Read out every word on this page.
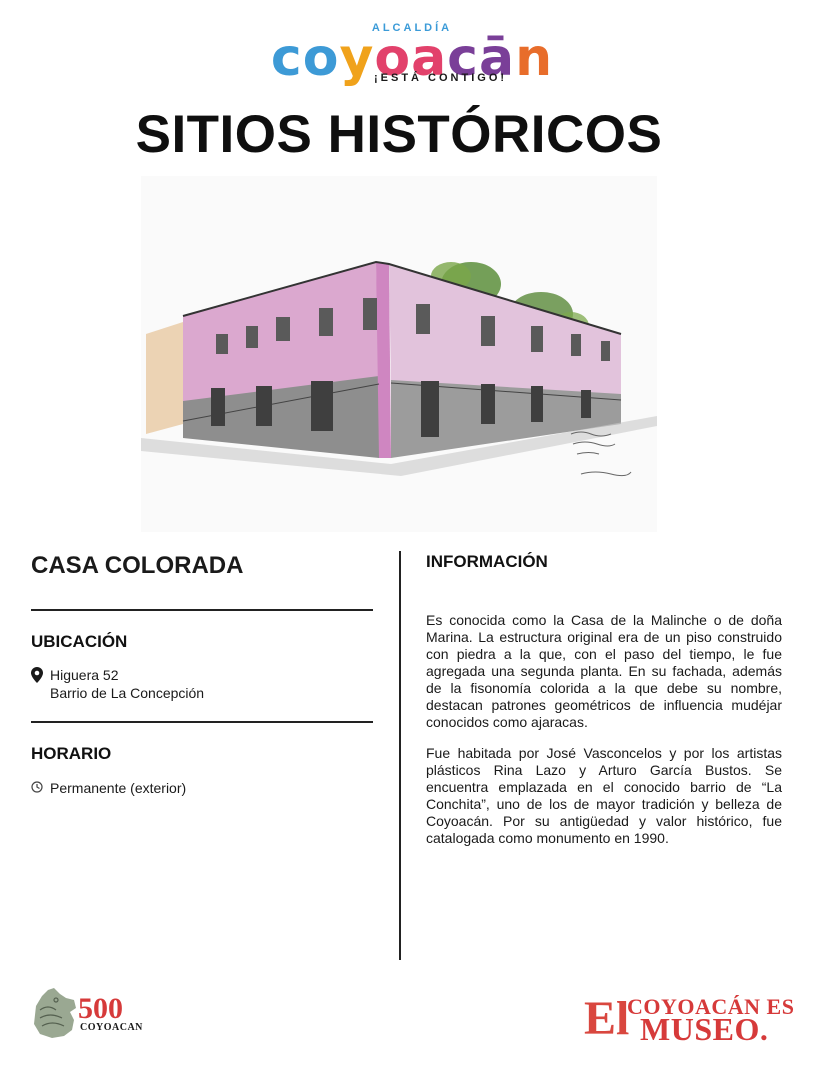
ALCALDÍA
coyoacān
¡ESTÁ CONTIGO!
SITIOS HISTÓRICOS
CASA COLORADA
UBICACIÓN
Higuera 52
Barrio de La Concepción
HORARIO
Permanente (exterior)
INFORMACIÓN
Es conocida como la Casa de la Malinche o de doña Marina. La estructura original era de un piso construido con piedra a la que, con el paso del tiempo, le fue agregada una segunda planta. En su fachada, además de la fisonomía colorida a la que debe su nombre, destacan patrones geométricos de influencia mudéjar conocidos como ajaracas.
Fue habitada por José Vasconcelos y por los artistas plásticos Rina Lazo y Arturo García Bustos. Se encuentra emplazada en el conocido barrio de “La Conchita”, uno de los de mayor tradición y belleza de Coyoacán. Por su antigüedad y valor histórico, fue catalogada como monumento en 1990.
500
COYOACAN	El
COYOACÁN ES
MUSEO.
